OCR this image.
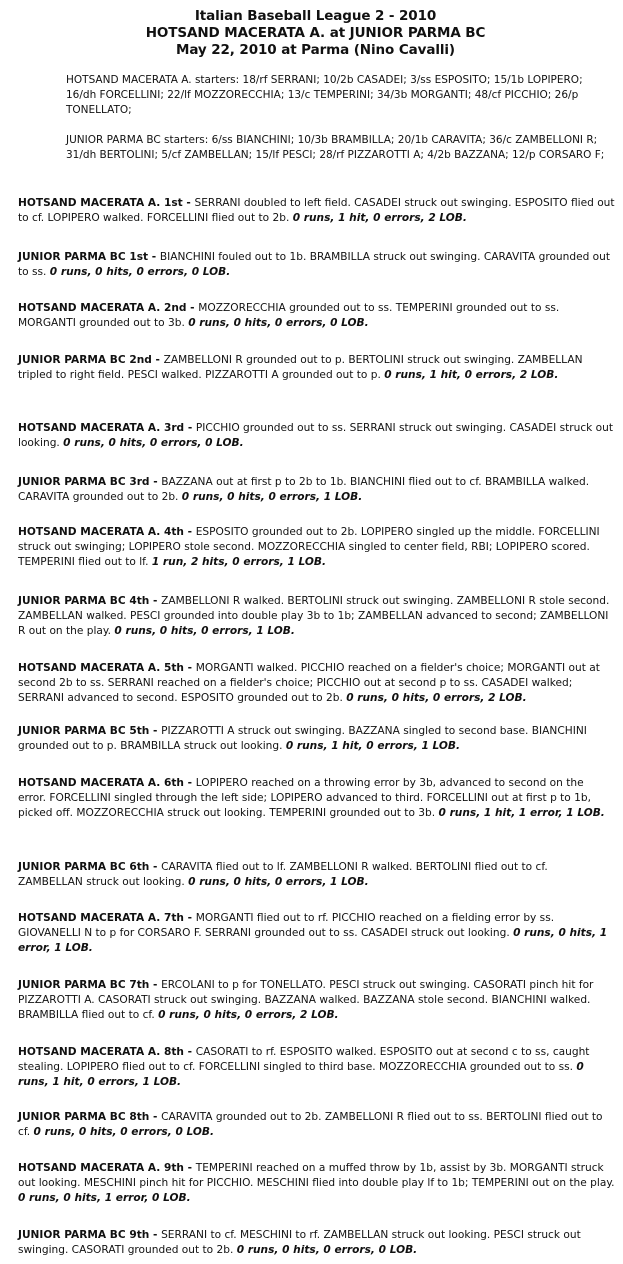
Italian Baseball League 2 - 2010
HOTSAND MACERATA A. at JUNIOR PARMA BC
May 22, 2010 at Parma (Nino Cavalli)

HOTSAND MACERATA A. starters: 18/rf SERRANI; 10/2b CASADEI; 3/ss ESPOSITO; 15/1b LOPIPERO; 16/dh FORCELLINI; 22/lf MOZZORECCHIA; 13/c TEMPERINI; 34/3b MORGANTI; 48/cf PICCHIO; 26/p TONELLATO;

JUNIOR PARMA BC starters: 6/ss BIANCHINI; 10/3b BRAMBILLA; 20/1b CARAVITA; 36/c ZAMBELLONI R; 31/dh BERTOLINI; 5/cf ZAMBELLAN; 15/lf PESCI; 28/rf PIZZAROTTI A; 4/2b BAZZANA; 12/p CORSARO F;

HOTSAND MACERATA A. 1st - SERRANI doubled to left field. CASADEI struck out swinging. ESPOSITO flied out to cf. LOPIPERO walked. FORCELLINI flied out to 2b. 0 runs, 1 hit, 0 errors, 2 LOB.

JUNIOR PARMA BC 1st - BIANCHINI fouled out to 1b. BRAMBILLA struck out swinging. CARAVITA grounded out to ss. 0 runs, 0 hits, 0 errors, 0 LOB.

HOTSAND MACERATA A. 2nd - MOZZORECCHIA grounded out to ss. TEMPERINI grounded out to ss. MORGANTI grounded out to 3b. 0 runs, 0 hits, 0 errors, 0 LOB.

JUNIOR PARMA BC 2nd - ZAMBELLONI R grounded out to p. BERTOLINI struck out swinging. ZAMBELLAN tripled to right field. PESCI walked. PIZZAROTTI A grounded out to p. 0 runs, 1 hit, 0 errors, 2 LOB.

HOTSAND MACERATA A. 3rd - PICCHIO grounded out to ss. SERRANI struck out swinging. CASADEI struck out looking. 0 runs, 0 hits, 0 errors, 0 LOB.

JUNIOR PARMA BC 3rd - BAZZANA out at first p to 2b to 1b. BIANCHINI flied out to cf. BRAMBILLA walked. CARAVITA grounded out to 2b. 0 runs, 0 hits, 0 errors, 1 LOB.

HOTSAND MACERATA A. 4th - ESPOSITO grounded out to 2b. LOPIPERO singled up the middle. FORCELLINI struck out swinging; LOPIPERO stole second. MOZZORECCHIA singled to center field, RBI; LOPIPERO scored. TEMPERINI flied out to lf. 1 run, 2 hits, 0 errors, 1 LOB.

JUNIOR PARMA BC 4th - ZAMBELLONI R walked. BERTOLINI struck out swinging. ZAMBELLONI R stole second. ZAMBELLAN walked. PESCI grounded into double play 3b to 1b; ZAMBELLAN advanced to second; ZAMBELLONI R out on the play. 0 runs, 0 hits, 0 errors, 1 LOB.

HOTSAND MACERATA A. 5th - MORGANTI walked. PICCHIO reached on a fielder's choice; MORGANTI out at second 2b to ss. SERRANI reached on a fielder's choice; PICCHIO out at second p to ss. CASADEI walked; SERRANI advanced to second. ESPOSITO grounded out to 2b. 0 runs, 0 hits, 0 errors, 2 LOB.

JUNIOR PARMA BC 5th - PIZZAROTTI A struck out swinging. BAZZANA singled to second base. BIANCHINI grounded out to p. BRAMBILLA struck out looking. 0 runs, 1 hit, 0 errors, 1 LOB.

HOTSAND MACERATA A. 6th - LOPIPERO reached on a throwing error by 3b, advanced to second on the error. FORCELLINI singled through the left side; LOPIPERO advanced to third. FORCELLINI out at first p to 1b, picked off. MOZZORECCHIA struck out looking. TEMPERINI grounded out to 3b. 0 runs, 1 hit, 1 error, 1 LOB.

JUNIOR PARMA BC 6th - CARAVITA flied out to lf. ZAMBELLONI R walked. BERTOLINI flied out to cf. ZAMBELLAN struck out looking. 0 runs, 0 hits, 0 errors, 1 LOB.

HOTSAND MACERATA A. 7th - MORGANTI flied out to rf. PICCHIO reached on a fielding error by ss. GIOVANELLI N to p for CORSARO F. SERRANI grounded out to ss. CASADEI struck out looking. 0 runs, 0 hits, 1 error, 1 LOB.

JUNIOR PARMA BC 7th - ERCOLANI to p for TONELLATO. PESCI struck out swinging. CASORATI pinch hit for PIZZAROTTI A. CASORATI struck out swinging. BAZZANA walked. BAZZANA stole second. BIANCHINI walked. BRAMBILLA flied out to cf. 0 runs, 0 hits, 0 errors, 2 LOB.

HOTSAND MACERATA A. 8th - CASORATI to rf. ESPOSITO walked. ESPOSITO out at second c to ss, caught stealing. LOPIPERO flied out to cf. FORCELLINI singled to third base. MOZZORECCHIA grounded out to ss. 0 runs, 1 hit, 0 errors, 1 LOB.

JUNIOR PARMA BC 8th - CARAVITA grounded out to 2b. ZAMBELLONI R flied out to ss. BERTOLINI flied out to cf. 0 runs, 0 hits, 0 errors, 0 LOB.

HOTSAND MACERATA A. 9th - TEMPERINI reached on a muffed throw by 1b, assist by 3b. MORGANTI struck out looking. MESCHINI pinch hit for PICCHIO. MESCHINI flied into double play lf to 1b; TEMPERINI out on the play. 0 runs, 0 hits, 1 error, 0 LOB.

JUNIOR PARMA BC 9th - SERRANI to cf. MESCHINI to rf. ZAMBELLAN struck out looking. PESCI struck out swinging. CASORATI grounded out to 2b. 0 runs, 0 hits, 0 errors, 0 LOB.
